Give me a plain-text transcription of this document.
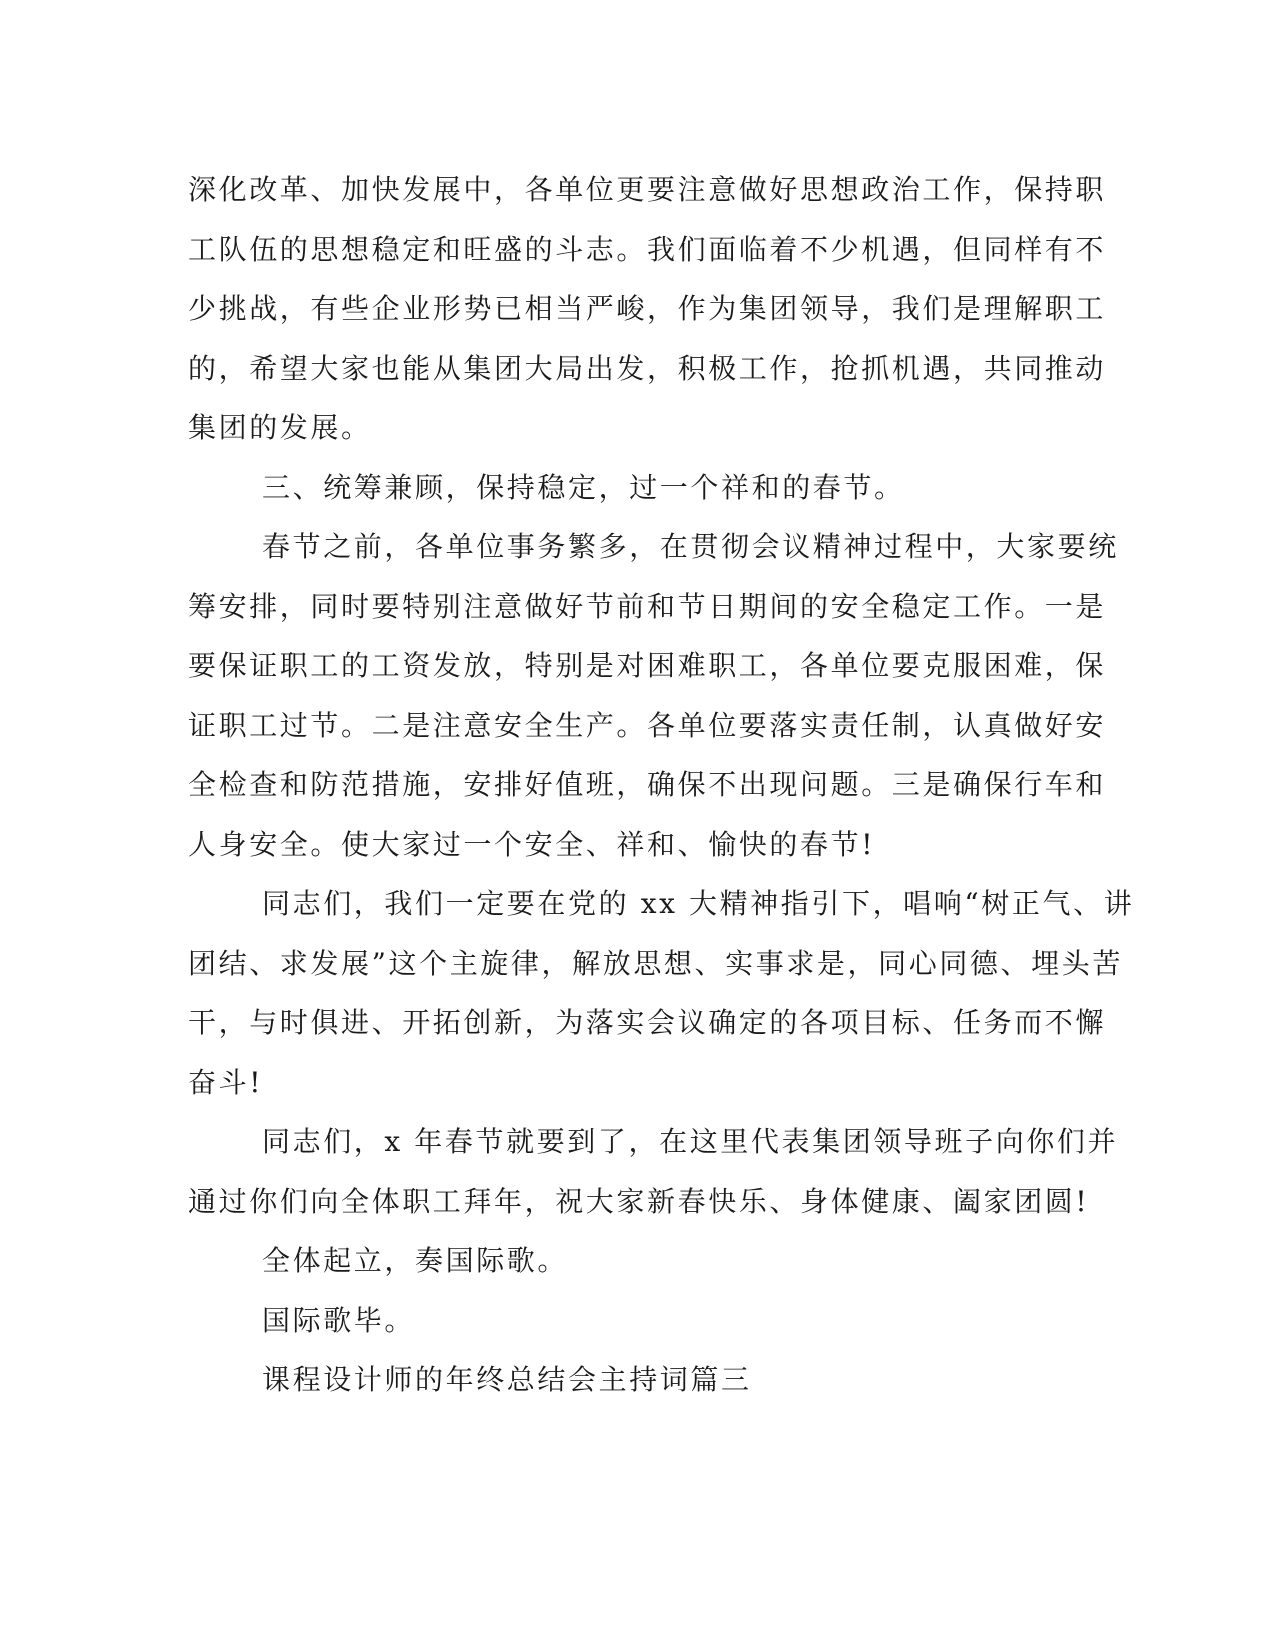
深化改革、加快发展中，各单位更要注意做好思想政治工作，保持职
工队伍的思想稳定和旺盛的斗志。我们面临着不少机遇，但同样有不
少挑战，有些企业形势已相当严峻，作为集团领导，我们是理解职工
的，希望大家也能从集团大局出发，积极工作，抢抓机遇，共同推动
集团的发展。
三、统筹兼顾，保持稳定，过一个祥和的春节。
春节之前，各单位事务繁多，在贯彻会议精神过程中，大家要统
筹安排，同时要特别注意做好节前和节日期间的安全稳定工作。一是
要保证职工的工资发放，特别是对困难职工，各单位要克服困难，保
证职工过节。二是注意安全生产。各单位要落实责任制，认真做好安
全检查和防范措施，安排好值班，确保不出现问题。三是确保行车和
人身安全。使大家过一个安全、祥和、愉快的春节!
同志们，我们一定要在党的 xx 大精神指引下，唱响“树正气、讲
团结、求发展”这个主旋律，解放思想、实事求是，同心同德、埋头苦
干，与时俱进、开拓创新，为落实会议确定的各项目标、任务而不懈
奋斗!
同志们，x 年春节就要到了，在这里代表集团领导班子向你们并
通过你们向全体职工拜年，祝大家新春快乐、身体健康、阖家团圆!
全体起立，奏国际歌。
国际歌毕。
课程设计师的年终总结会主持词篇三
